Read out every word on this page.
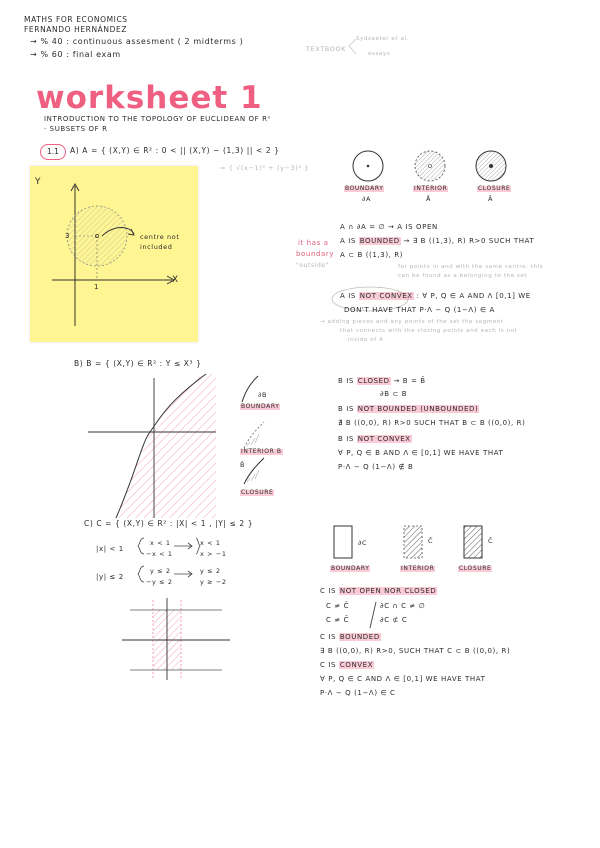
MATHS FOR ECONOMICS
FERNANDO HERNÁNDEZ
→ % 40 : continuous assesment ( 2 midterms )
→ % 60 : final exam
TEXTBOOK
Sydsaeter et al.
essays
worksheet 1
INTRODUCTION TO THE TOPOLOGY OF EUCLIDEAN OF Rⁿ
· SUBSETS OF R
1.1	A) A = { (X,Y) ∈ R² : 0 < || (X,Y) − (1,3) || < 2 }
= { √(x−1)² + (y−3)² }
Y
X
3
1
centre not
included
BOUNDARY
∂A
INTERIOR
Å
CLOSURE
Ā
it has a
boundary
"outside"
A ∩ ∂A = ∅ → A IS OPEN
A IS BOUNDED → ∃ B ((1,3), R) R>0 SUCH THAT
A ⊂ B ((1,3), R)
for points in and with the same centre, this
can be found as a belonging to the set
A IS NOT CONVEX : ∀ P, Q ∈ A AND Λ [0,1] WE
DON'T HAVE THAT P·Λ − Q (1−Λ) ∈ A
→ adding pieces and any points of the set the segment
that connects with the closing points and each is not
inside of A
B) B = { (X,Y) ∈ R² : Y ≤ X³ }
∂B
BOUNDARY
INTERIOR B
B̄
CLOSURE
B IS CLOSED → B = B̄
∂B ⊂ B
B IS NOT BOUNDED (UNBOUNDED)
∄ B ((0,0), R) R>0 SUCH THAT B ⊂ B ((0,0), R)
B IS NOT CONVEX
∀ P, Q ∈ B AND Λ ∈ [0,1] WE HAVE THAT
P·Λ − Q (1−Λ) ∉ B
C) C = { (X,Y) ∈ R² : |X| < 1 , |Y| ≤ 2 }
|x| < 1
x < 1
−x < 1
x < 1
x > −1
|y| ≤ 2
y ≤ 2
−y ≤ 2
y ≤ 2
y ≥ −2
∂C	Č	C̄
BOUNDARY	INTERIOR	CLOSURE
C IS NOT OPEN NOR CLOSED
C ≠ Č	∂C ∩ C ≠ ∅
C ≠ C̄	∂C ⊄ C
C IS BOUNDED
∃ B ((0,0), R) R>0, SUCH THAT C ⊂ B ((0,0), R)
C IS CONVEX
∀ P, Q ∈ C AND Λ ∈ [0,1] WE HAVE THAT
P·Λ − Q (1−Λ) ∈ C
